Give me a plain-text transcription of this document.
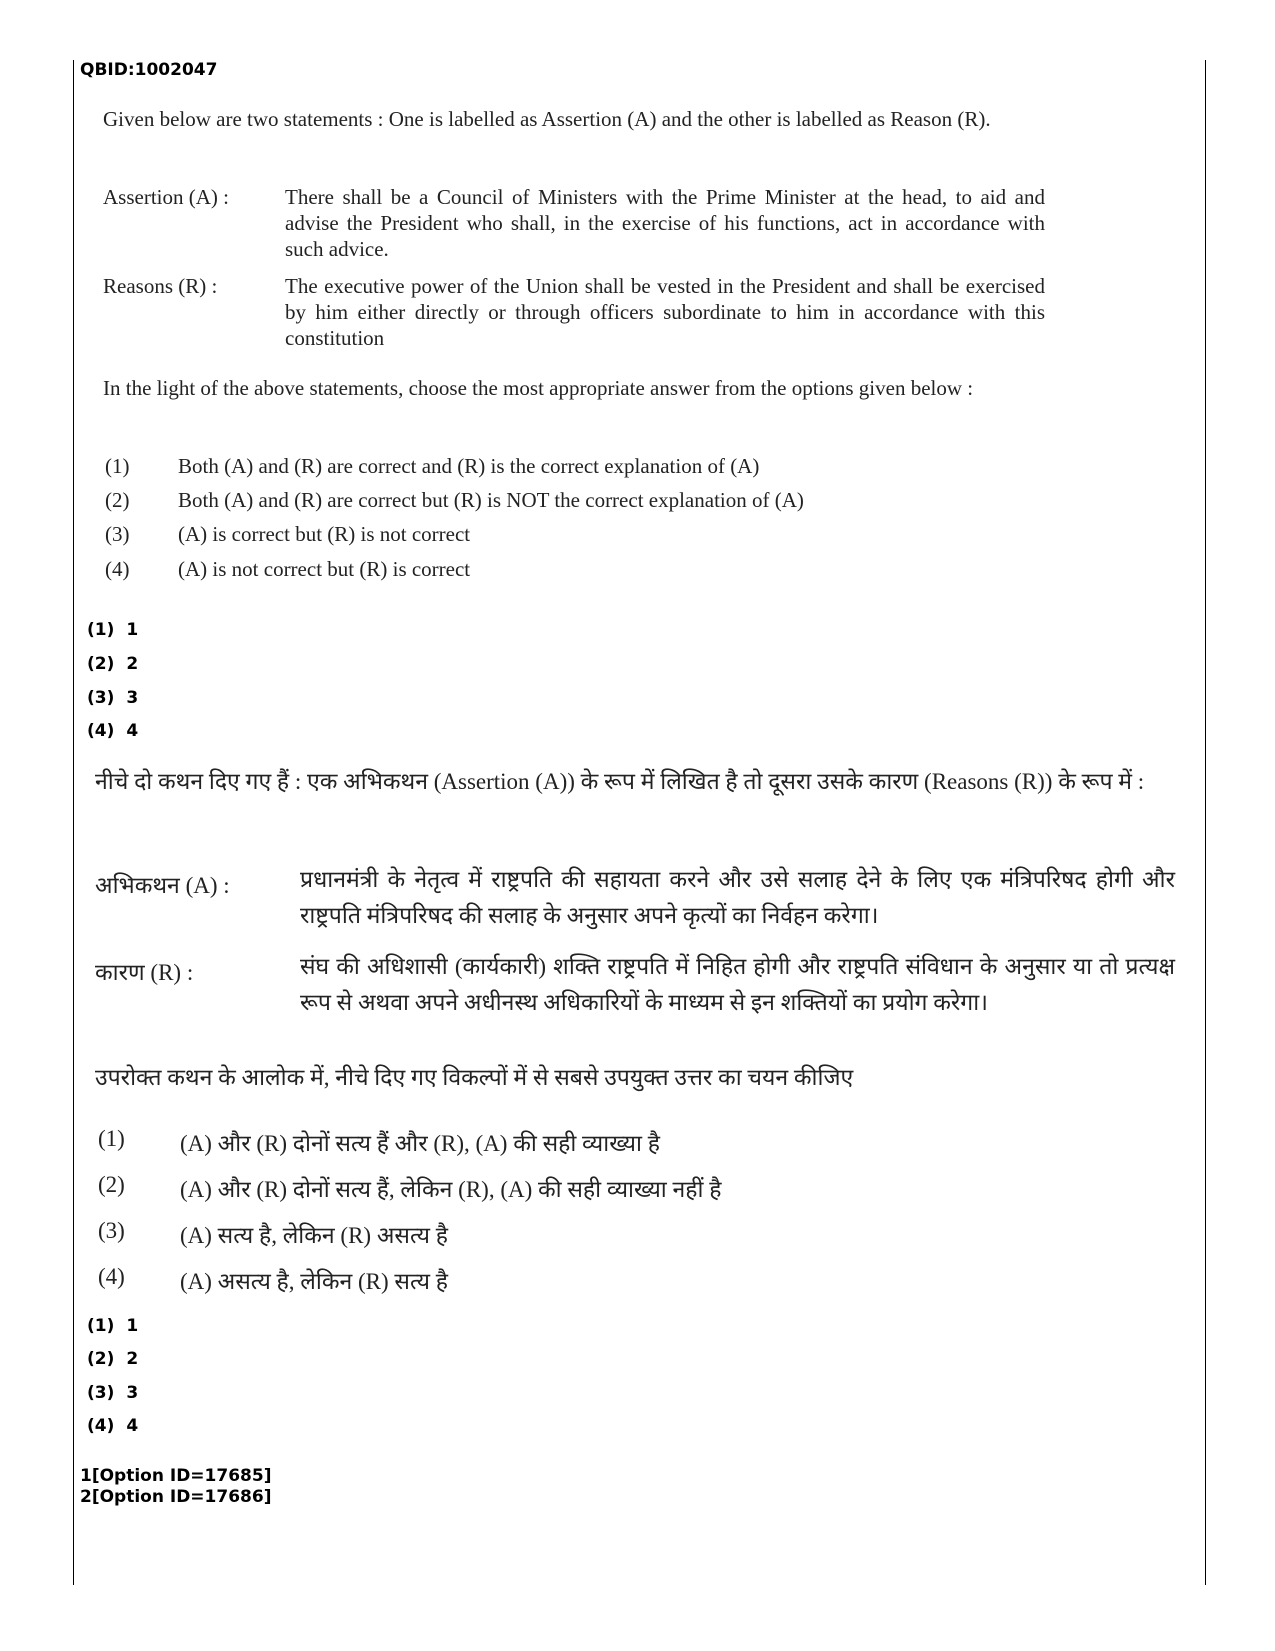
QBID:1002047
Given below are two statements : One is labelled as Assertion (A) and the other is labelled as Reason (R).
Assertion (A) :	There shall be a Council of Ministers with the Prime Minister at the head, to aid and advise the President who shall, in the exercise of his functions, act in accordance with such advice.
Reasons (R) :	The executive power of the Union shall be vested in the President and shall be exercised by him either directly or through officers subordinate to him in accordance with this constitution
In the light of the above statements, choose the most appropriate answer from the options given below :
(1) Both (A) and (R) are correct and (R) is the correct explanation of (A)
(2) Both (A) and (R) are correct but (R) is NOT the correct explanation of (A)
(3) (A) is correct but (R) is not correct
(4) (A) is not correct but (R) is correct
(1) 1
(2) 2
(3) 3
(4) 4
नीचे दो कथन दिए गए हैं : एक अभिकथन (Assertion (A)) के रूप में लिखित है तो दूसरा उसके कारण (Reasons (R)) के रूप में :
अभिकथन (A) :	प्रधानमंत्री के नेतृत्व में राष्ट्रपति की सहायता करने और उसे सलाह देने के लिए एक मंत्रिपरिषद होगी और राष्ट्रपति मंत्रिपरिषद की सलाह के अनुसार अपने कृत्यों का निर्वहन करेगा।
कारण (R) :	संघ की अधिशासी (कार्यकारी) शक्ति राष्ट्रपति में निहित होगी और राष्ट्रपति संविधान के अनुसार या तो प्रत्यक्ष रूप से अथवा अपने अधीनस्थ अधिकारियों के माध्यम से इन शक्तियों का प्रयोग करेगा।
उपरोक्त कथन के आलोक में, नीचे दिए गए विकल्पों में से सबसे उपयुक्त उत्तर का चयन कीजिए
(1) (A) और (R) दोनों सत्य हैं और (R), (A) की सही व्याख्या है
(2) (A) और (R) दोनों सत्य हैं, लेकिन (R), (A) की सही व्याख्या नहीं है
(3) (A) सत्य है, लेकिन (R) असत्य है
(4) (A) असत्य है, लेकिन (R) सत्य है
(1) 1
(2) 2
(3) 3
(4) 4
1[Option ID=17685]
2[Option ID=17686]
